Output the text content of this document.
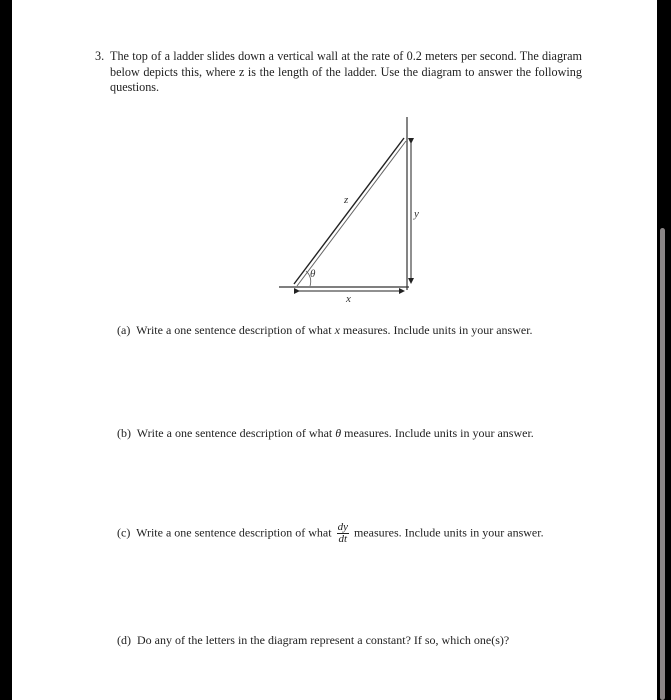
3. The top of a ladder slides down a vertical wall at the rate of 0.2 meters per second. The diagram below depicts this, where z is the length of the ladder. Use the diagram to answer the following questions.
z
y
x
θ
(a) Write a one sentence description of what x measures. Include units in your answer.
(b) Write a one sentence description of what θ measures. Include units in your answer.
(c) Write a one sentence description of what $\frac{dy}{dt}$ measures. Include units in your answer.
(d) Do any of the letters in the diagram represent a constant? If so, which one(s)?
